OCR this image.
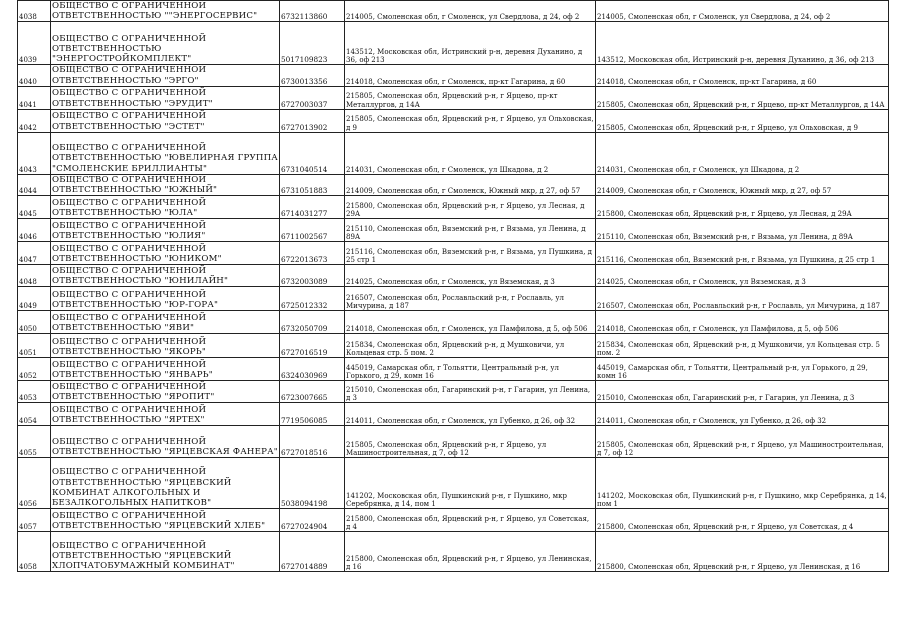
4038	ОБЩЕСТВО С ОГРАНИЧЕННОЙ ОТВЕТСТВЕННОСТЬЮ ""ЭНЕРГОСЕРВИС"	6732113860	214005, Смоленская обл, г Смоленск, ул Свердлова, д 24, оф 2	214005, Смоленская обл, г Смоленск, ул Свердлова, д 24, оф 2
4039	ОБЩЕСТВО С ОГРАНИЧЕННОЙ ОТВЕТСТВЕННОСТЬЮ "ЭНЕРГОСТРОЙКОМПЛЕКТ"	5017109823	143512, Московская обл, Истринский р-н, деревня Духанино, д 36, оф 213	143512, Московская обл, Истринский р-н, деревня Духанино, д 36, оф 213
4040	ОБЩЕСТВО С ОГРАНИЧЕННОЙ ОТВЕТСТВЕННОСТЬЮ "ЭРГО"	6730013356	214018, Смоленская обл, г Смоленск, пр-кт Гагарина, д 60	214018, Смоленская обл, г Смоленск, пр-кт Гагарина, д 60
4041	ОБЩЕСТВО С ОГРАНИЧЕННОЙ ОТВЕТСТВЕННОСТЬЮ "ЭРУДИТ"	6727003037	215805, Смоленская обл, Ярцевский р-н, г Ярцево, пр-кт Металлургов, д 14А	215805, Смоленская обл, Ярцевский р-н, г Ярцево, пр-кт Металлургов, д 14А
4042	ОБЩЕСТВО С ОГРАНИЧЕННОЙ ОТВЕТСТВЕННОСТЬЮ "ЭСТЕТ"	6727013902	215805, Смоленская обл, Ярцевский р-н, г Ярцево, ул Ольховская, д 9	215805, Смоленская обл, Ярцевский р-н, г Ярцево, ул Ольховская, д 9
4043	ОБЩЕСТВО С ОГРАНИЧЕННОЙ ОТВЕТСТВЕННОСТЬЮ "ЮВЕЛИРНАЯ ГРУППА "СМОЛЕНСКИЕ БРИЛЛИАНТЫ"	6731040514	214031, Смоленская обл, г Смоленск, ул Шкадова, д 2	214031, Смоленская обл, г Смоленск, ул Шкадова, д 2
4044	ОБЩЕСТВО С ОГРАНИЧЕННОЙ ОТВЕТСТВЕННОСТЬЮ "ЮЖНЫЙ"	6731051883	214009, Смоленская обл, г Смоленск, Южный мкр, д 27, оф 57	214009, Смоленская обл, г Смоленск, Южный мкр, д 27, оф 57
4045	ОБЩЕСТВО С ОГРАНИЧЕННОЙ ОТВЕТСТВЕННОСТЬЮ "ЮЛА"	6714031277	215800, Смоленская обл, Ярцевский р-н, г Ярцево, ул Лесная, д 29А	215800, Смоленская обл, Ярцевский р-н, г Ярцево, ул Лесная, д 29А
4046	ОБЩЕСТВО С ОГРАНИЧЕННОЙ ОТВЕТСТВЕННОСТЬЮ "ЮЛИЯ"	6711002567	215110, Смоленская обл, Вяземский р-н, г Вязьма, ул Ленина, д 89А	215110, Смоленская обл, Вяземский р-н, г Вязьма, ул Ленина, д 89А
4047	ОБЩЕСТВО С ОГРАНИЧЕННОЙ ОТВЕТСТВЕННОСТЬЮ "ЮНИКОМ"	6722013673	215116, Смоленская обл, Вяземский р-н, г Вязьма, ул Пушкина, д 25 стр 1	215116, Смоленская обл, Вяземский р-н, г Вязьма, ул Пушкина, д 25 стр 1
4048	ОБЩЕСТВО С ОГРАНИЧЕННОЙ ОТВЕТСТВЕННОСТЬЮ "ЮНИЛАЙН"	6732003089	214025, Смоленская обл, г Смоленск, ул Вяземская, д 3	214025, Смоленская обл, г Смоленск, ул Вяземская, д 3
4049	ОБЩЕСТВО С ОГРАНИЧЕННОЙ ОТВЕТСТВЕННОСТЬЮ "ЮР-ГОРА"	6725012332	216507, Смоленская обл, Рославльский р-н, г Рославль, ул Мичурина, д 187	216507, Смоленская обл, Рославльский р-н, г Рославль, ул Мичурина, д 187
4050	ОБЩЕСТВО С ОГРАНИЧЕННОЙ ОТВЕТСТВЕННОСТЬЮ "ЯВИ"	6732050709	214018, Смоленская обл, г Смоленск, ул Памфилова, д 5, оф 506	214018, Смоленская обл, г Смоленск, ул Памфилова, д 5, оф 506
4051	ОБЩЕСТВО С ОГРАНИЧЕННОЙ ОТВЕТСТВЕННОСТЬЮ "ЯКОРЬ"	6727016519	215834, Смоленская обл, Ярцевский р-н, д Мушковичи, ул Кольцевая стр. 5 пом. 2	215834, Смоленская обл, Ярцевский р-н, д Мушковичи, ул Кольцевая стр. 5 пом. 2
4052	ОБЩЕСТВО С ОГРАНИЧЕННОЙ ОТВЕТСТВЕННОСТЬЮ "ЯНВАРЬ"	6324030969	445019, Самарская обл, г Тольятти, Центральный р-н, ул Горького, д 29, комн 16	445019, Самарская обл, г Тольятти, Центральный р-н, ул Горького, д 29, комн 16
4053	ОБЩЕСТВО С ОГРАНИЧЕННОЙ ОТВЕТСТВЕННОСТЬЮ "ЯРОПИТ"	6723007665	215010, Смоленская обл, Гагаринский р-н, г Гагарин, ул Ленина, д 3	215010, Смоленская обл, Гагаринский р-н, г Гагарин, ул Ленина, д 3
4054	ОБЩЕСТВО С ОГРАНИЧЕННОЙ ОТВЕТСТВЕННОСТЬЮ "ЯРТЕХ"	7719506085	214011, Смоленская обл, г Смоленск, ул Губенко, д 26, оф 32	214011, Смоленская обл, г Смоленск, ул Губенко, д 26, оф 32
4055	ОБЩЕСТВО С ОГРАНИЧЕННОЙ ОТВЕТСТВЕННОСТЬЮ "ЯРЦЕВСКАЯ ФАНЕРА"	6727018516	215805, Смоленская обл, Ярцевский р-н, г Ярцево, ул Машиностроительная, д 7, оф 12	215805, Смоленская обл, Ярцевский р-н, г Ярцево, ул Машиностроительная, д 7, оф 12
4056	ОБЩЕСТВО С ОГРАНИЧЕННОЙ ОТВЕТСТВЕННОСТЬЮ "ЯРЦЕВСКИЙ КОМБИНАТ АЛКОГОЛЬНЫХ И БЕЗАЛКОГОЛЬНЫХ НАПИТКОВ"	5038094198	141202, Московская обл, Пушкинский р-н, г Пушкино, мкр Серебрянка, д 14, пом 1	141202, Московская обл, Пушкинский р-н, г Пушкино, мкр Серебрянка, д 14, пом 1
4057	ОБЩЕСТВО С ОГРАНИЧЕННОЙ ОТВЕТСТВЕННОСТЬЮ "ЯРЦЕВСКИЙ ХЛЕБ"	6727024904	215800, Смоленская обл, Ярцевский р-н, г Ярцево, ул Советская, д 4	215800, Смоленская обл, Ярцевский р-н, г Ярцево, ул Советская, д 4
4058	ОБЩЕСТВО С ОГРАНИЧЕННОЙ ОТВЕТСТВЕННОСТЬЮ "ЯРЦЕВСКИЙ ХЛОПЧАТОБУМАЖНЫЙ КОМБИНАТ"	6727014889	215800, Смоленская обл, Ярцевский р-н, г Ярцево, ул Ленинская, д 16	215800, Смоленская обл, Ярцевский р-н, г Ярцево, ул Ленинская, д 16
